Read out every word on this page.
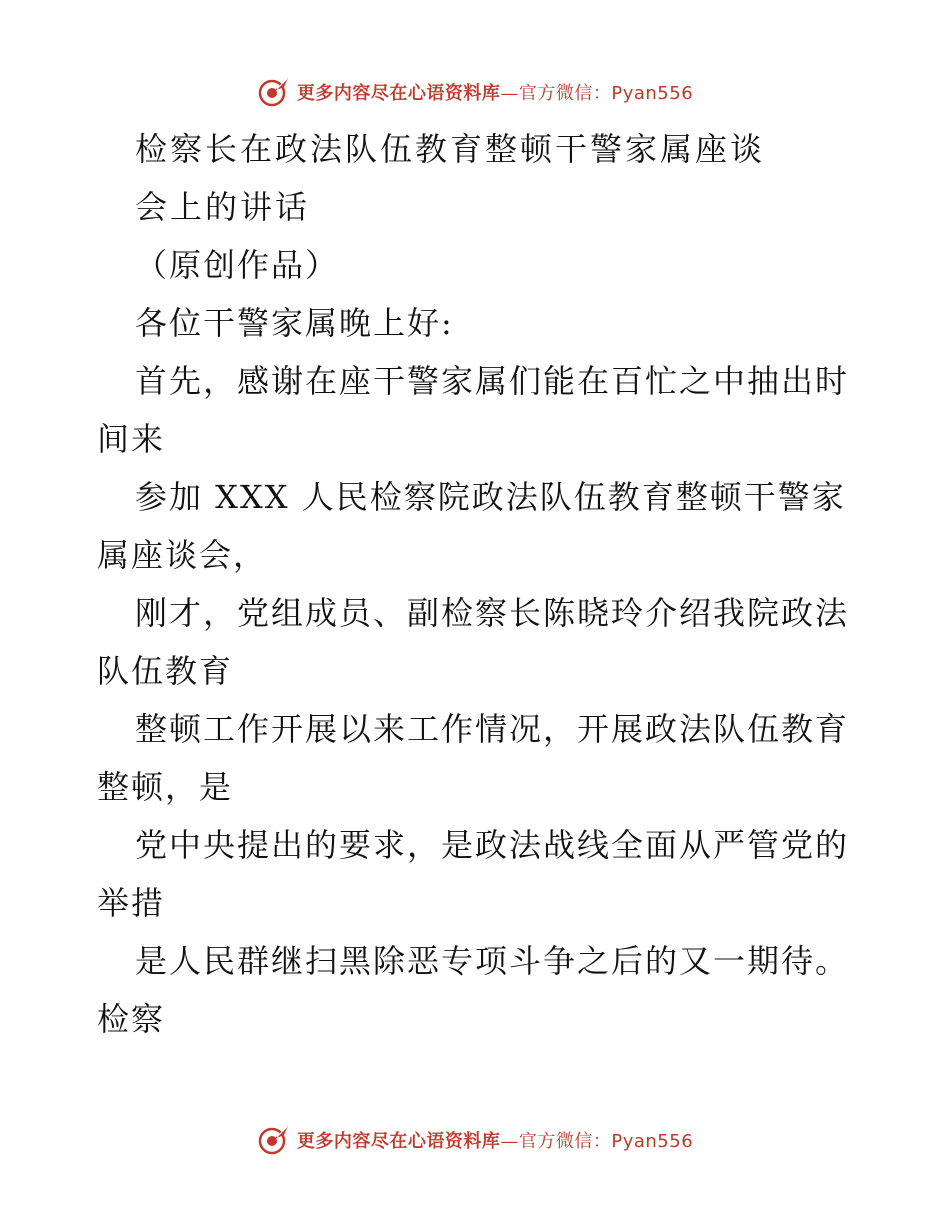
更多内容尽在心语资料库—官方微信：Pyan556
检察长在政法队伍教育整顿干警家属座谈
会上的讲话
（原创作品）
各位干警家属晚上好:
首先，感谢在座干警家属们能在百忙之中抽出时
间来
参加 XXX 人民检察院政法队伍教育整顿干警家
属座谈会，
刚才，党组成员、副检察长陈晓玲介绍我院政法
队伍教育
整顿工作开展以来工作情况，开展政法队伍教育
整顿，是
党中央提出的要求，是政法战线全面从严管党的
举措
是人民群继扫黑除恶专项斗争之后的又一期待。
检察
更多内容尽在心语资料库—官方微信：Pyan556
